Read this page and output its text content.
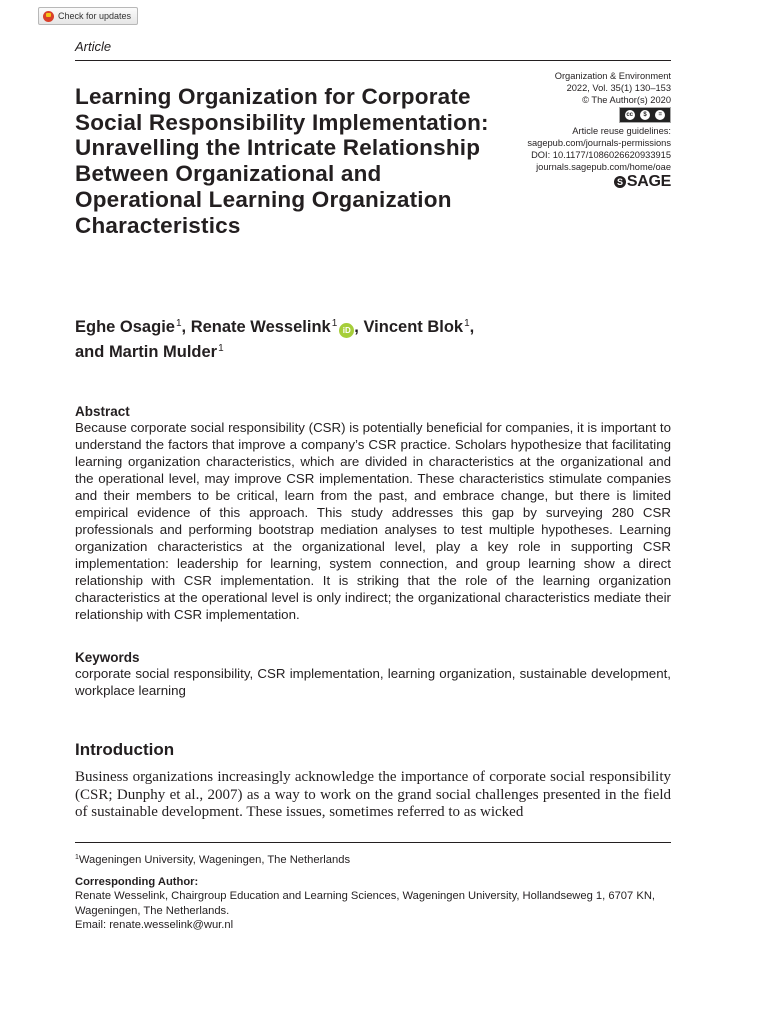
Check for updates
Article
Organization & Environment
2022, Vol. 35(1) 130–153
© The Author(s) 2020
cc	$	=
Article reuse guidelines:
sagepub.com/journals-permissions
DOI: 10.1177/1086026620933915
journals.sagepub.com/home/oae
S SAGE
Learning Organization for Corporate Social Responsibility Implementation: Unravelling the Intricate Relationship Between Organizational and Operational Learning Organization Characteristics
Eghe Osagie$^1$, Renate Wesselink$^1$iD , Vincent Blok$^1$,
and Martin Mulder$^1$
Abstract

Because corporate social responsibility (CSR) is potentially beneficial for companies, it is important to understand the factors that improve a company’s CSR practice. Scholars hypothesize that facilitating learning organization characteristics, which are divided in characteristics at the organizational and the operational level, may improve CSR implementation. These characteristics stimulate companies and their members to be critical, learn from the past, and embrace change, but there is limited empirical evidence of this approach. This study addresses this gap by surveying 280 CSR professionals and performing bootstrap mediation analyses to test multiple hypotheses. Learning organization characteristics at the organizational level, play a key role in supporting CSR implementation: leadership for learning, system connection, and group learning show a direct relationship with CSR implementation. It is striking that the role of the learning organization characteristics at the operational level is only indirect; the organizational characteristics mediate their relationship with CSR implementation.

Keywords

corporate social responsibility, CSR implementation, learning organization, sustainable development, workplace learning

Introduction

Business organizations increasingly acknowledge the importance of corporate social responsibility (CSR; Dunphy et al., 2007) as a way to work on the grand social challenges presented in the field of sustainable development. These issues, sometimes referred to as wicked

$^1$Wageningen University, Wageningen, The Netherlands

Corresponding Author:

Renate Wesselink, Chairgroup Education and Learning Sciences, Wageningen University, Hollandseweg 1, 6707 KN, Wageningen, The Netherlands.

Email: renate.wesselink@wur.nl
